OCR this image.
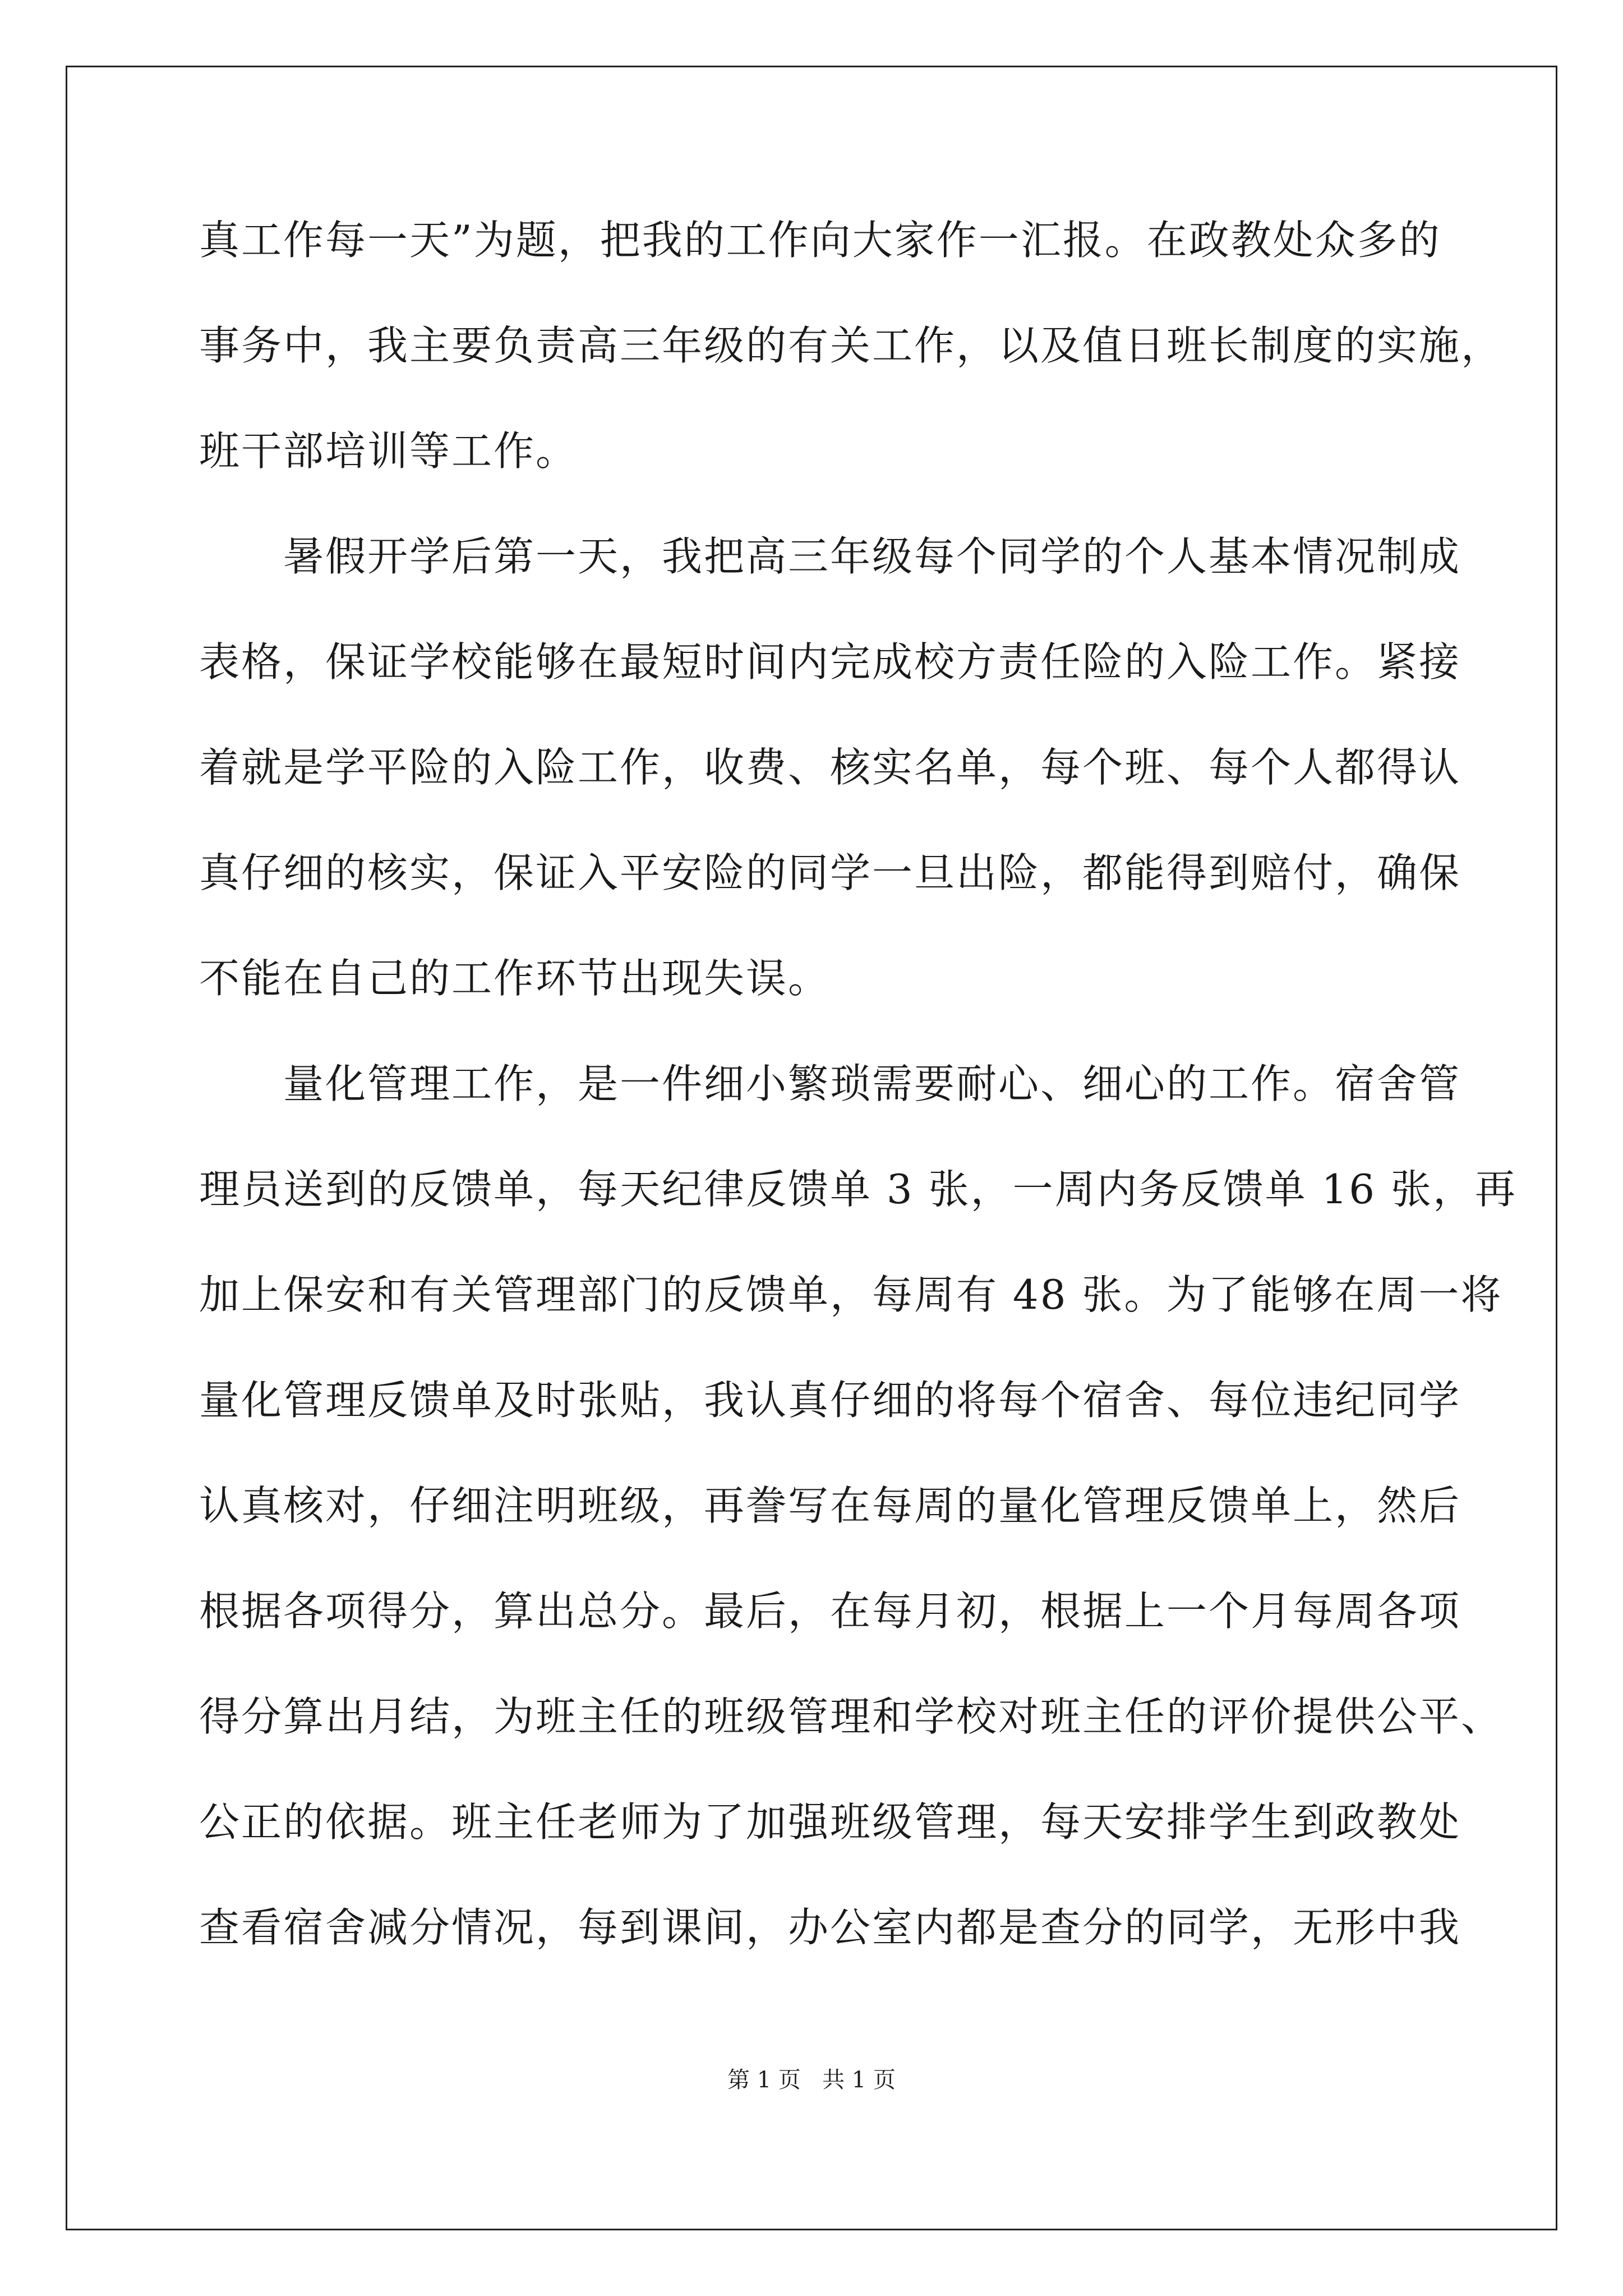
真工作每一天”为题，把我的工作向大家作一汇报。在政教处众多的
事务中，我主要负责高三年级的有关工作，以及值日班长制度的实施，
班干部培训等工作。
暑假开学后第一天，我把高三年级每个同学的个人基本情况制成
表格，保证学校能够在最短时间内完成校方责任险的入险工作。紧接
着就是学平险的入险工作，收费、核实名单，每个班、每个人都得认
真仔细的核实，保证入平安险的同学一旦出险，都能得到赔付，确保
不能在自己的工作环节出现失误。
量化管理工作，是一件细小繁琐需要耐心、细心的工作。宿舍管
理员送到的反馈单，每天纪律反馈单 3 张，一周内务反馈单 16 张，再
加上保安和有关管理部门的反馈单，每周有 48 张。为了能够在周一将
量化管理反馈单及时张贴，我认真仔细的将每个宿舍、每位违纪同学
认真核对，仔细注明班级，再誊写在每周的量化管理反馈单上，然后
根据各项得分，算出总分。最后，在每月初，根据上一个月每周各项
得分算出月结，为班主任的班级管理和学校对班主任的评价提供公平、
公正的依据。班主任老师为了加强班级管理，每天安排学生到政教处
查看宿舍减分情况，每到课间，办公室内都是查分的同学，无形中我
第 1 页   共 1 页
